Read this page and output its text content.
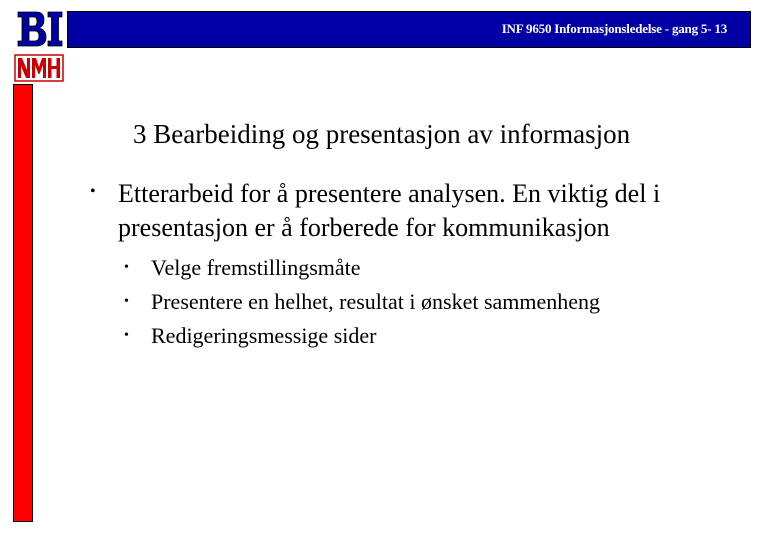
INF 9650 Informasjonsledelse - gang 5- 13
3 Bearbeiding og presentasjon av informasjon
• Etterarbeid for å presentere analysen. En viktig del i presentasjon er å forberede for kommunikasjon
• Velge fremstillingsmåte
• Presentere en helhet, resultat i ønsket sammenheng
• Redigeringsmessige sider
